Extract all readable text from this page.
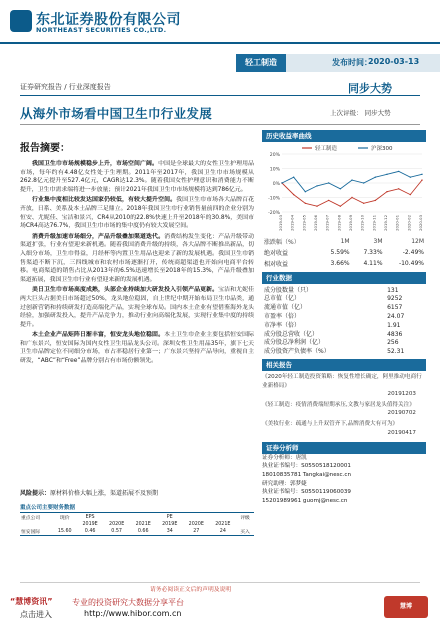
东北证券股份有限公司
NORTHEAST SECURITIES CO.,LTD.
轻工制造	发布时间：
2020-03-13
证券研究报告 / 行业深度报告	同步大势
从海外市场看中国卫生巾行业发展	上次评级： 同步大势
报告摘要：

我国卫生巾市场规模稳步上升，市场空间广阔。中国是全球最大的女性卫生护理用品市场，每年约有4.48亿女性处于生理期。2011年至2017年，我国卫生巾市场规模从262.8亿元提升至527.4亿元，CAGR达12.3%。随着我国女性护理意识和消费能力不断提升，卫生巾需求端将进一步放量；预计2021年我国卫生巾市场规模将达到786亿元。

行业集中度相比较发达国家仍较低，有较大提升空间。我国卫生巾市场各大品牌百花齐放，日系、美系及本土品牌三足鼎立。2018年我国卫生巾行业销售量前四的企业分别为恒安、尤妮佳、宝洁和景兴，CR4从2010的22.8%快速上升至2018年的30.8%，美国市场CR4高达76.7%，我国卫生巾市场的集中度仍有较大发展空间。

消费升级加速市场细分，产品升级叠加渠道迭代。消费结构发生变化：产品升级带动渠道扩张，行业有望迎来新机遇。随着我国消费升级的持续，各大品牌不断推出新品，切入细分市场，卫生巾得益，月经杯等内置卫生用品也迎来了新的发展机遇。我国卫生巾销售渠道不断下沉，三四线城市和农村市场逐渐打开，传统商超渠道也开始向电商平台转移。电商渠道的销售占比从2013年的6.5%迅速增长至2018年的15.3%，产品升级叠加渠道拓展，我国卫生巾行业有望迎来新的发展机遇。

美日卫生巾市场高度成熟，头部企业持续加大研发投入引领产品更新。宝洁和尤妮佳两大巨头占据美日市场超过50%，龙头地位稳固，自上世纪中期开始布局卫生巾品类，通过创新营销和持续研发打造高端化产品，实现全球布局。国内本土企业有望借鉴海外龙头经验，加强研发投入，提升产品竞争力，推动行业向高端化发展，实现行业集中度的持续提升。

本土企业产品矩阵日渐丰富，恒安龙头地位稳固。本土卫生巾企业主要包括恒安国际和广东景兴，恒安国际为国内女性卫生用品龙头公司。深圳女性卫生用品35年，旗下七天卫生巾品牌定位不同细分市场，市占率稳居行业第一；广东景兴坚持产品导向，重视自主研发，“ABC”和“Free”品牌分别占有市场份额领先。

风险提示：原材料价格大幅上涨，渠道拓展不及预期
重点公司主要财务数据
重点公司	现价	EPS			PE			评级
		2019E	2020E	2021E	2019E	2020E	2021E	
恒安国际	15.60	0.46	0.57	0.66	34	27	24	买入
历史收益率曲线
轻工制造	沪深300
20%
10%
0%
-10%
-20%
2019-03 2019-04 2019-05 2019-06 2019-07 2019-08 2019-09 2019-10 2019-11 2019-12 2020-01 2020-02 2020-03
涨跌幅（%）	1M	3M	12M
绝对收益	5.59%	7.33%	-2.49%
相对收益	3.66%	4.11%	-10.49%
行业数据
成分股数量（只）	131
总市值（亿）	9252
流通市值（亿）	6157
市盈率（倍）	24.07
市净率（倍）	1.91
成分股总营收（亿）	4836
成分股总净利润（亿）	256
成分股资产负债率（%）	52.31
相关报告
《2020年轻工制造投资策略：恢复性增长确定，阿里推动电商行业新格局》
20191203
《轻工制造：疫情消费端短期承压,文教与家居龙头值得关注》
20190702
《美妆行业：疏通与上升双管齐下,品牌消费大有可为》
20190417
证券分析师
证券分析师：唐凯
执业证书编号：S0550518120001
18010835781 Tangkai@nesc.cn
研究助理：郭梦婕
执业证书编号：S0550119060039
15201989961 guomj@nesc.cn
请务必阅读正文后的声明及说明
“慧博资讯” 专业的投资研究大数据分享平台
点击进入	http://www.hibor.com.cn
慧博
